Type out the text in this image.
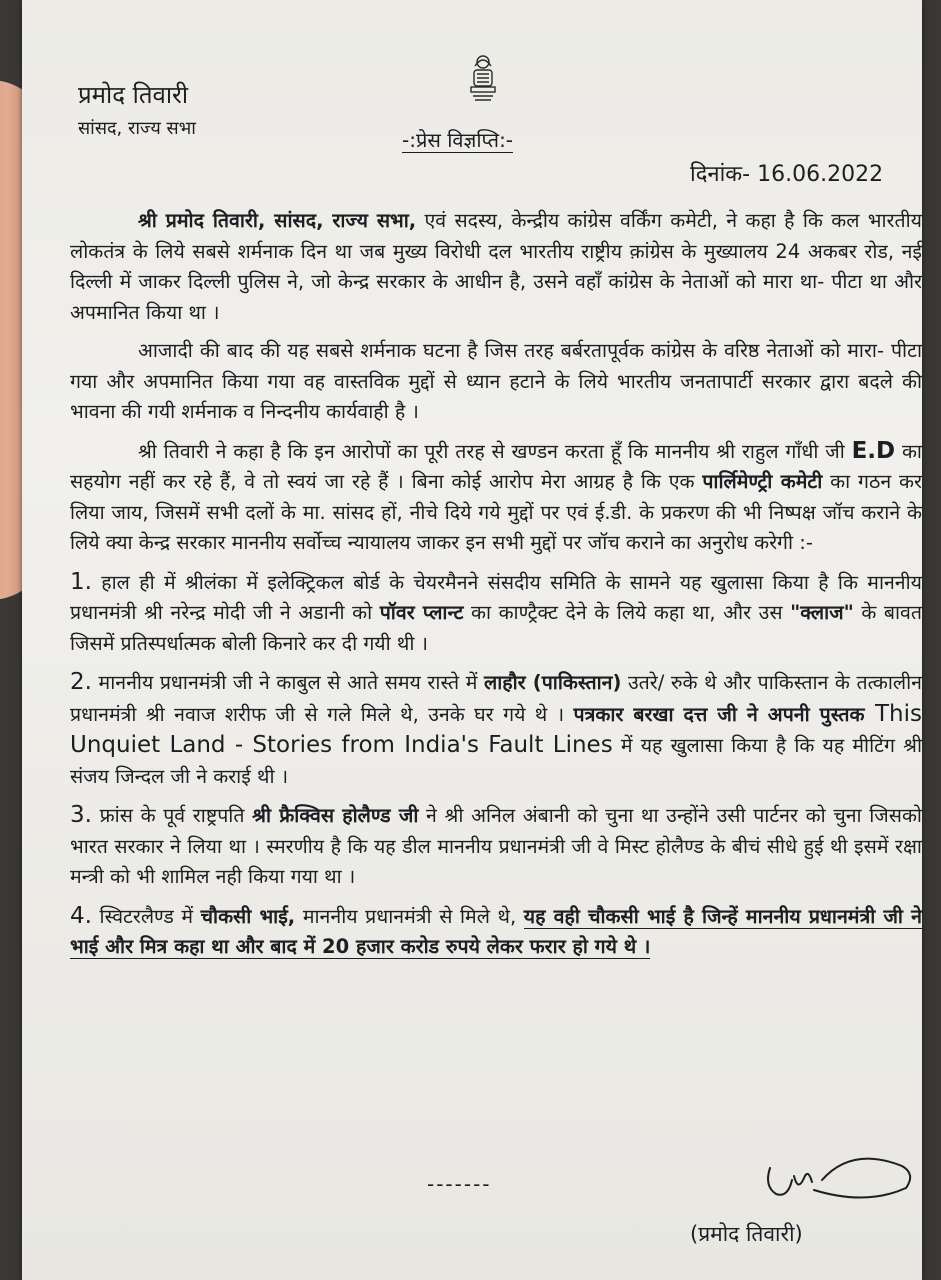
प्रमोद तिवारी
सांसद, राज्य सभा	-:प्रेस विज्ञप्ति:-
दिनांक- 16.06.2022

श्री प्रमोद तिवारी, सांसद, राज्य सभा, एवं सदस्य, केन्द्रीय कांग्रेस वर्किंग कमेटी, ने कहा है कि कल भारतीय लोकतंत्र के लिये सबसे शर्मनाक दिन था जब मुख्य विरोधी दल भारतीय राष्ट्रीय क़ांग्रेस के मुख्यालय 24 अकबर रोड, नई दिल्ली में जाकर दिल्ली पुलिस ने, जो केन्द्र सरकार के आधीन है, उसने वहाँ कांग्रेस के नेताओं को मारा था- पीटा था और अपमानित किया था ।

आजादी की बाद की यह सबसे शर्मनाक घटना है जिस तरह बर्बरतापूर्वक कांग्रेस के वरिष्ठ नेताओं को मारा- पीटा गया और अपमानित किया गया वह वास्तविक मुद्दों से ध्यान हटाने के लिये भारतीय जनतापार्टी सरकार द्वारा बदले की भावना की गयी शर्मनाक व निन्दनीय कार्यवाही है ।

श्री तिवारी ने कहा है कि इन आरोपों का पूरी तरह से खण्डन करता हूँ कि माननीय श्री राहुल गाँधी जी E.D का सहयोग नहीं कर रहे हैं, वे तो स्वयं जा रहे हैं । बिना कोई आरोप मेरा आग्रह है कि एक पार्लिमेण्ट्री कमेटी का गठन कर लिया जाय, जिसमें सभी दलों के मा. सांसद हों, नीचे दिये गये मुद्दों पर एवं ई.डी. के प्रकरण की भी निष्पक्ष जॉच कराने के लिये क्या केन्द्र सरकार माननीय सर्वोच्च न्यायालय जाकर इन सभी मुद्दों पर जॉच कराने का अनुरोध करेगी :-

1. हाल ही में श्रीलंका में इलेक्ट्रिकल बोर्ड के चेयरमैनने संसदीय समिति के सामने यह खुलासा किया है कि माननीय प्रधानमंत्री श्री नरेन्द्र मोदी जी ने अडानी को पॉवर प्लान्ट का काण्ट्रैक्ट देने के लिये कहा था, और उस "क्लाज" के बावत जिसमें प्रतिस्पर्धात्मक बोली किनारे कर दी गयी थी ।

2. माननीय प्रधानमंत्री जी ने काबुल से आते समय रास्ते में लाहौर (पाकिस्तान) उतरे/ रुके थे और पाकिस्तान के तत्कालीन प्रधानमंत्री श्री नवाज शरीफ जी से गले मिले थे, उनके घर गये थे । पत्रकार बरखा दत्त जी ने अपनी पुस्तक This Unquiet Land - Stories from India's Fault Lines में यह खुलासा किया है कि यह मीटिंग श्री संजय जिन्दल जी ने कराई थी ।

3. फ्रांस के पूर्व राष्ट्रपति श्री फ्रैक्विस होलैण्ड जी ने श्री अनिल अंबानी को चुना था उन्होंने उसी पार्टनर को चुना जिसको भारत सरकार ने लिया था । स्मरणीय है कि यह डील माननीय प्रधानमंत्री जी वे मिस्ट होलैण्ड के बीचं सीधे हुई थी इसमें रक्षा मन्त्री को भी शामिल नही किया गया था ।

4. स्विटरलैण्ड में चौकसी भाई, माननीय प्रधानमंत्री से मिले थे, यह वही चौकसी भाई है जिन्हें माननीय प्रधानमंत्री जी ने भाई और मित्र कहा था और बाद में 20 हजार करोड रुपये लेकर फरार हो गये थे ।

-------
(प्रमोद तिवारी)
